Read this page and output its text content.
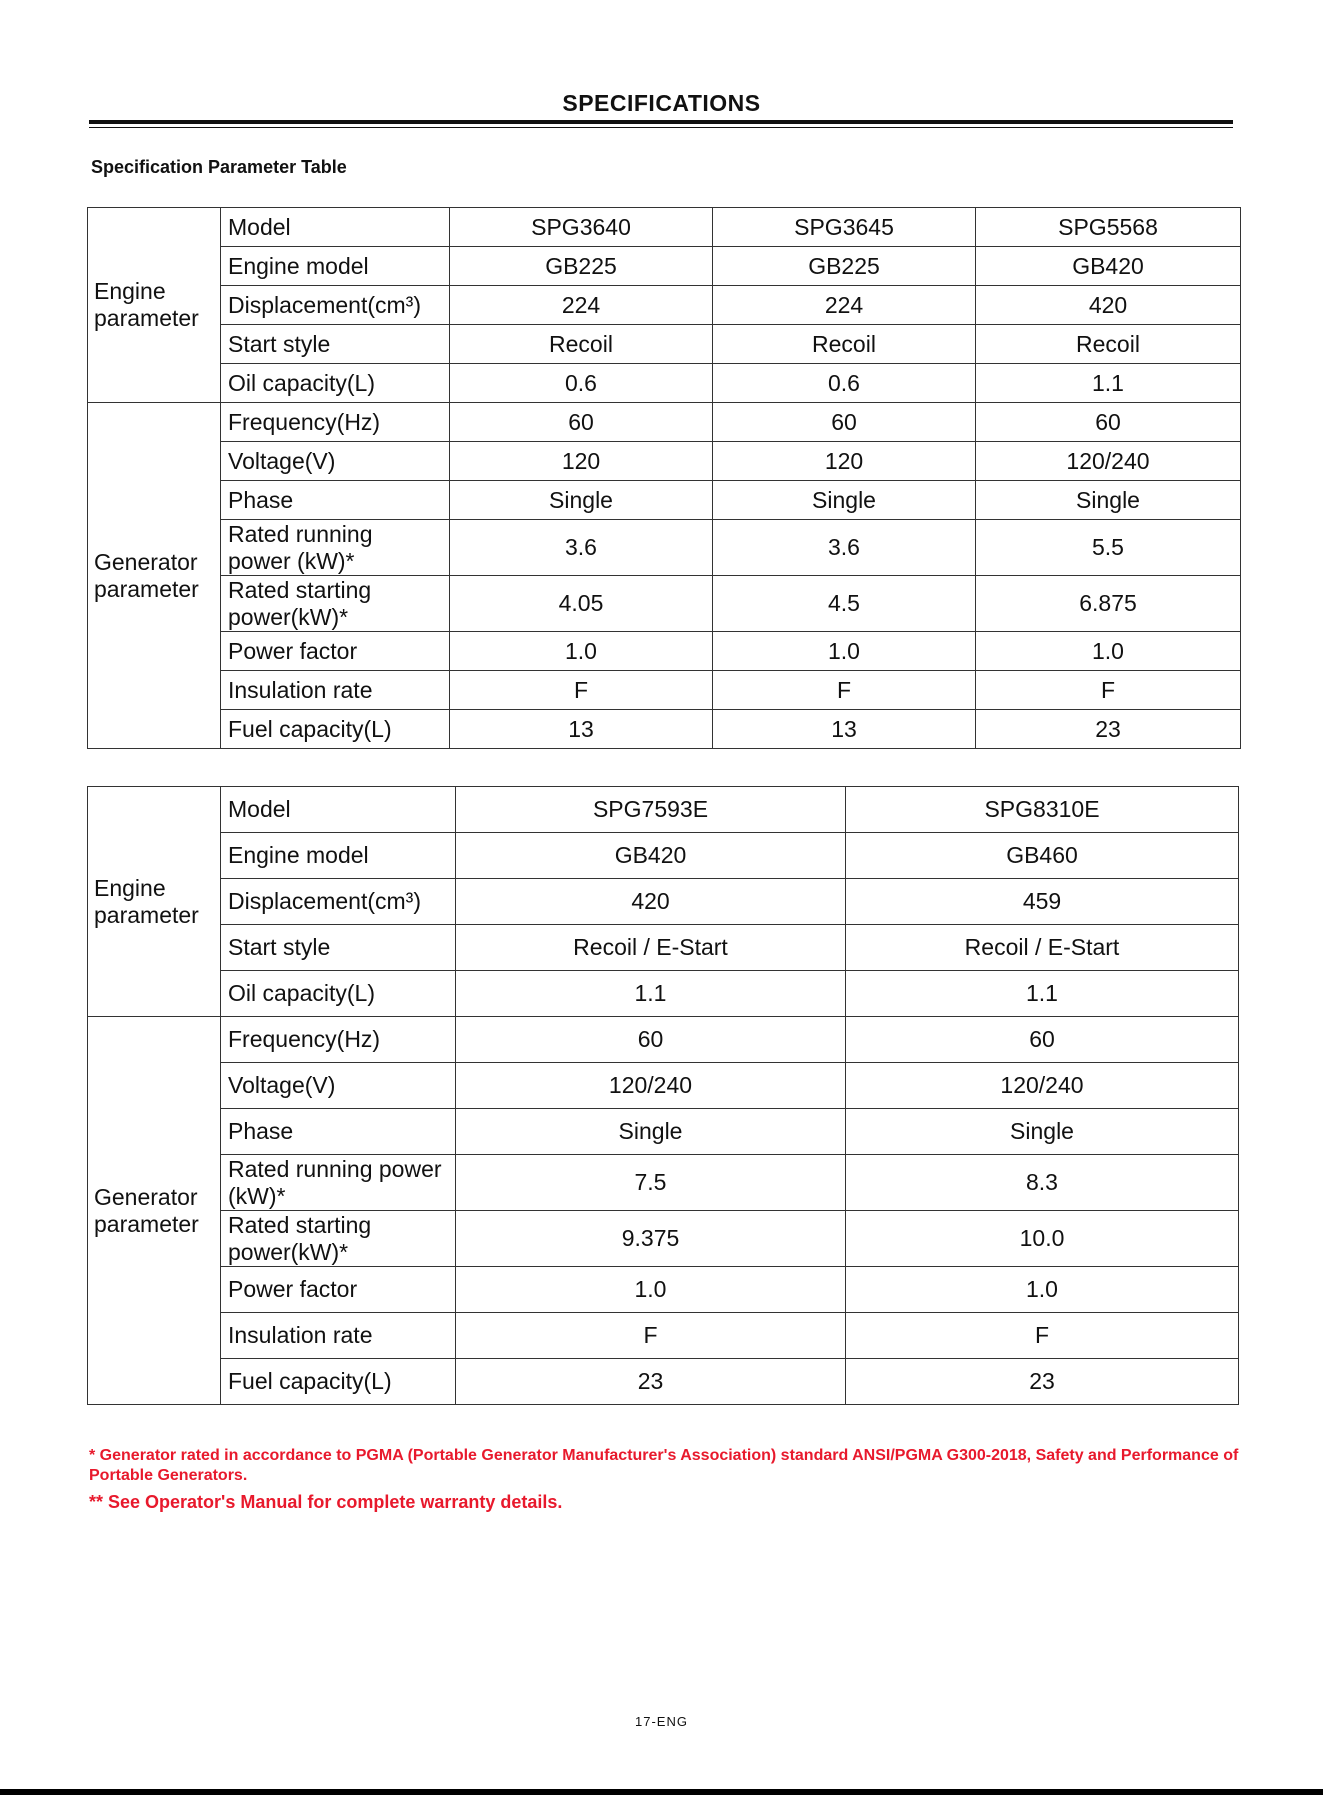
SPECIFICATIONS
Specification Parameter Table
Engine
parameter	Model	SPG3640	SPG3645	SPG5568
	Engine model	GB225	GB225	GB420
	Displacement(cm³)	224	224	420
	Start style	Recoil	Recoil	Recoil
	Oil capacity(L)	0.6	0.6	1.1
Generator
parameter	Frequency(Hz)	60	60	60
	Voltage(V)	120	120	120/240
	Phase	Single	Single	Single
	Rated running
power (kW)*	3.6	3.6	5.5
	Rated starting
power(kW)*	4.05	4.5	6.875
	Power factor	1.0	1.0	1.0
	Insulation rate	F	F	F
	Fuel capacity(L)	13	13	23
Engine
parameter	Model	SPG7593E	SPG8310E
	Engine model	GB420	GB460
	Displacement(cm³)	420	459
	Start style	Recoil / E-Start	Recoil / E-Start
	Oil capacity(L)	1.1	1.1
Generator
parameter	Frequency(Hz)	60	60
	Voltage(V)	120/240	120/240
	Phase	Single	Single
	Rated running power
(kW)*	7.5	8.3
	Rated starting
power(kW)*	9.375	10.0
	Power factor	1.0	1.0
	Insulation rate	F	F
	Fuel capacity(L)	23	23
* Generator rated in accordance to PGMA (Portable Generator Manufacturer's Association) standard ANSI/PGMA G300-2018, Safety and Performance of Portable Generators.
** See Operator's Manual for complete warranty details.
17-ENG
